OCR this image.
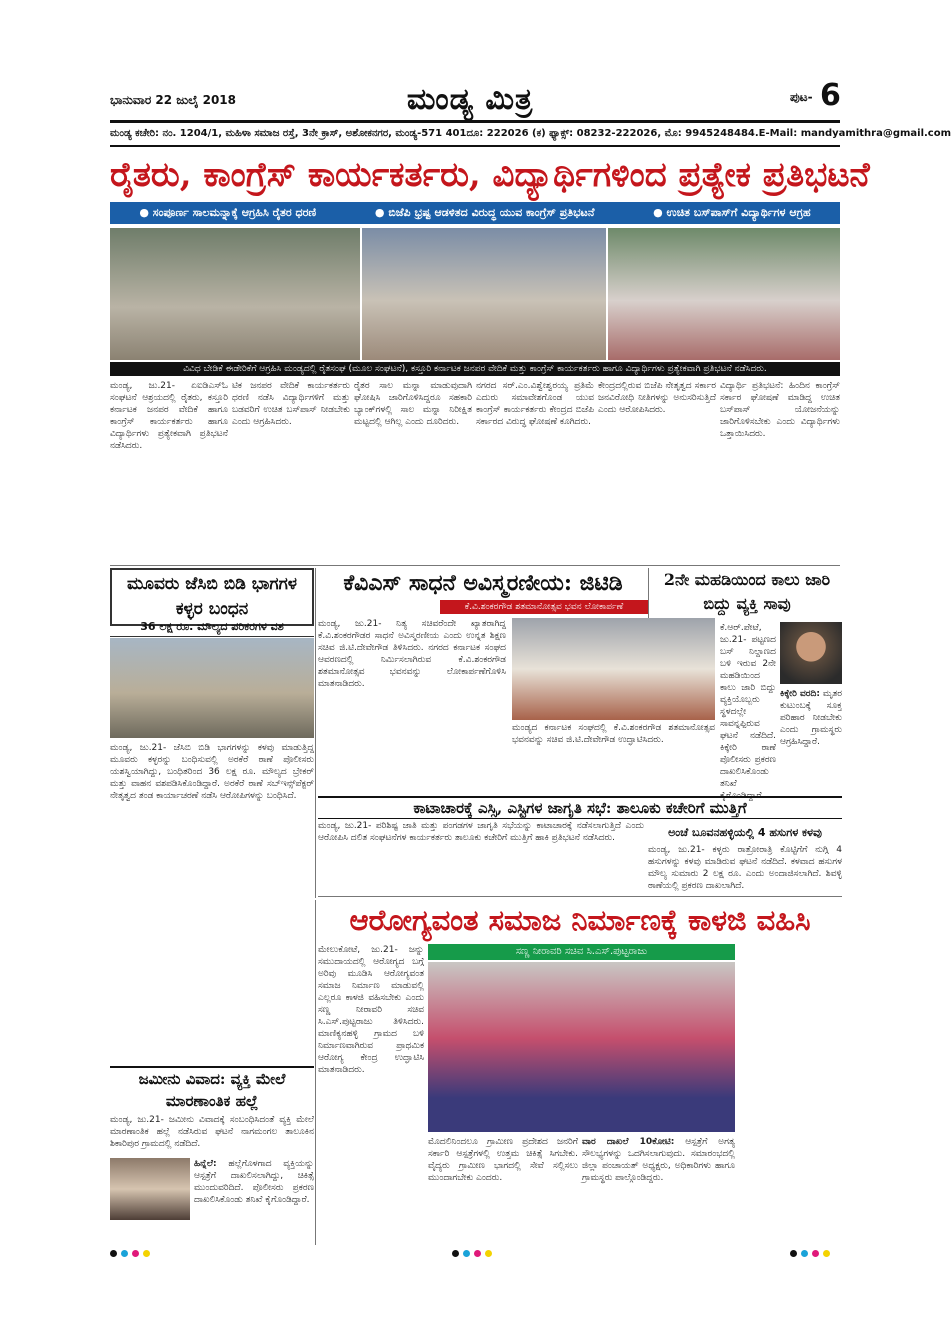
ಭಾನುವಾರ 22 ಜುಲೈ 2018	ಮಂಡ್ಯ ಮಿತ್ರ	ಪುಟ- 6
ಮಂಡ್ಯ ಕಚೇರಿ: ನಂ. 1204/1, ಮಹಿಳಾ ಸಮಾಜ ರಸ್ತೆ, 3ನೇ ಕ್ರಾಸ್, ಅಶೋಕನಗರ, ಮಂಡ್ಯ-571 401 ದೂ: 222026 (ಕ) ಫ್ಯಾಕ್ಸ್: 08232-222026, ಮೊ: 9945248484. E-Mail: mandyamithra@gmail.com
ರೈತರು, ಕಾಂಗ್ರೆಸ್ ಕಾರ್ಯಕರ್ತರು, ವಿದ್ಯಾರ್ಥಿಗಳಿಂದ ಪ್ರತ್ಯೇಕ ಪ್ರತಿಭಟನೆ
● ಸಂಪೂರ್ಣ ಸಾಲಮನ್ನಾಕ್ಕೆ ಆಗ್ರಹಿಸಿ ರೈತರ ಧರಣಿ	● ಬಿಜೆಪಿ ಭ್ರಷ್ಟ ಆಡಳಿತದ ವಿರುದ್ಧ ಯುವ ಕಾಂಗ್ರೆಸ್ ಪ್ರತಿಭಟನೆ	● ಉಚಿತ ಬಸ್‌ಪಾಸ್‌ಗೆ ವಿದ್ಯಾರ್ಥಿಗಳ ಆಗ್ರಹ
ವಿವಿಧ ಬೇಡಿಕೆ ಈಡೇರಿಕೆಗೆ ಆಗ್ರಹಿಸಿ ಮಂಡ್ಯದಲ್ಲಿ ರೈತಸಂಘ (ಮೂಲ ಸಂಘಟನೆ), ಕಸ್ತೂರಿ ಕರ್ನಾಟಕ ಜನಪರ ವೇದಿಕೆ ಮತ್ತು ಕಾಂಗ್ರೆಸ್ ಕಾರ್ಯಕರ್ತರು ಹಾಗೂ ವಿದ್ಯಾರ್ಥಿಗಳು ಪ್ರತ್ಯೇಕವಾಗಿ ಪ್ರತಿಭಟನೆ ನಡೆಸಿದರು.

ಮಂಡ್ಯ, ಜು.21- ಏಐಡಿಎಸ್‌ಓ ಸಂಘಟನೆ ಆಶ್ರಯದಲ್ಲಿ ರೈತರು, ಕಸ್ತೂರಿ ಕರ್ನಾಟಕ ಜನಪರ ವೇದಿಕೆ ಹಾಗೂ ಕಾಂಗ್ರೆಸ್ ಕಾರ್ಯಕರ್ತರು ಹಾಗೂ ವಿದ್ಯಾರ್ಥಿಗಳು ಪ್ರತ್ಯೇಕವಾಗಿ ಪ್ರತಿಭಟನೆ ನಡೆಸಿದರು.

ಟಿಕ ಜನಪರ ವೇದಿಕೆ ಕಾರ್ಯಕರ್ತರು ಧರಣಿ ನಡೆಸಿ ವಿದ್ಯಾರ್ಥಿಗಳಿಗೆ ಮತ್ತು ಬಡವರಿಗೆ ಉಚಿತ ಬಸ್‌ಪಾಸ್ ನೀಡಬೇಕು ಎಂದು ಆಗ್ರಹಿಸಿದರು.

ರೈತರ ಸಾಲ ಮನ್ನಾ ಮಾಡುವುದಾಗಿ ಘೋಷಿಸಿ ಜಾರಿಗೊಳಿಸಿದ್ದರೂ ಸಹಕಾರಿ ಬ್ಯಾಂಕ್‌ಗಳಲ್ಲಿ ಸಾಲ ಮನ್ನಾ ನಿರೀಕ್ಷಿತ ಮಟ್ಟದಲ್ಲಿ ಆಗಿಲ್ಲ ಎಂದು ದೂರಿದರು.

ನಗರದ ಸರ್.ಎಂ.ವಿಶ್ವೇಶ್ವರಯ್ಯ ಪ್ರತಿಮೆ ಎದುರು ಸಮಾವೇಶಗೊಂಡ ಯುವ ಕಾಂಗ್ರೆಸ್ ಕಾರ್ಯಕರ್ತರು ಕೇಂದ್ರದ ಬಿಜೆಪಿ ಸರ್ಕಾರದ ವಿರುದ್ಧ ಘೋಷಣೆ ಕೂಗಿದರು.

ಕೇಂದ್ರದಲ್ಲಿರುವ ಬಿಜೆಪಿ ನೇತೃತ್ವದ ಸರ್ಕಾರ ಜನವಿರೋಧಿ ನೀತಿಗಳನ್ನು ಅನುಸರಿಸುತ್ತಿದೆ ಎಂದು ಆರೋಪಿಸಿದರು.

ವಿದ್ಯಾರ್ಥಿ ಪ್ರತಿಭಟನೆ: ಹಿಂದಿನ ಕಾಂಗ್ರೆಸ್ ಸರ್ಕಾರ ಘೋಷಣೆ ಮಾಡಿದ್ದ ಉಚಿತ ಬಸ್‌ಪಾಸ್ ಯೋಜನೆಯನ್ನು ಜಾರಿಗೊಳಿಸಬೇಕು ಎಂದು ವಿದ್ಯಾರ್ಥಿಗಳು ಒತ್ತಾಯಿಸಿದರು.

ಮೂವರು ಜೆಸಿಬಿ ಬಿಡಿ ಭಾಗಗಳ ಕಳ್ಳರ ಬಂಧನ
36 ಲಕ್ಷ ರೂ. ಮೌಲ್ಯದ ಪರಿಕರಗಳ ವಶ
ಮಂಡ್ಯ, ಜು.21- ಜೆಸಿಬಿ ಬಿಡಿ ಭಾಗಗಳನ್ನು ಕಳವು ಮಾಡುತ್ತಿದ್ದ ಮೂವರು ಕಳ್ಳರನ್ನು ಬಂಧಿಸುವಲ್ಲಿ ಅರಕೆರೆ ಠಾಣೆ ಪೊಲೀಸರು ಯಶಸ್ವಿಯಾಗಿದ್ದು, ಬಂಧಿತರಿಂದ 36 ಲಕ್ಷ ರೂ. ಮೌಲ್ಯದ ಬ್ರೇಕರ್ ಮತ್ತು ವಾಹನ ವಶಪಡಿಸಿಕೊಂಡಿದ್ದಾರೆ. ಅರಕೆರೆ ಠಾಣೆ ಸಬ್‌ಇನ್ಸ್‌ಪೆಕ್ಟರ್ ನೇತೃತ್ವದ ತಂಡ ಕಾರ್ಯಾಚರಣೆ ನಡೆಸಿ ಆರೋಪಿಗಳನ್ನು ಬಂಧಿಸಿದೆ.
ಕೆವಿಎಸ್ ಸಾಧನೆ ಅವಿಸ್ಮರಣೀಯ: ಜಿಟಿಡಿ
ಕೆ.ವಿ.ಶಂಕರಗೌಡ ಶತಮಾನೋತ್ಸವ ಭವನ ಲೋಕಾರ್ಪಣೆ
ಮಂಡ್ಯ, ಜು.21- ನಿತ್ಯ ಸಚಿವರೆಂದೇ ಖ್ಯಾತರಾಗಿದ್ದ ಕೆ.ವಿ.ಶಂಕರಗೌಡರ ಸಾಧನೆ ಅವಿಸ್ಮರಣೀಯ ಎಂದು ಉನ್ನತ ಶಿಕ್ಷಣ ಸಚಿವ ಜಿ.ಟಿ.ದೇವೇಗೌಡ ತಿಳಿಸಿದರು. ನಗರದ ಕರ್ನಾಟಕ ಸಂಘದ ಆವರಣದಲ್ಲಿ ನಿರ್ಮಿಸಲಾಗಿರುವ ಕೆ.ವಿ.ಶಂಕರಗೌಡ ಶತಮಾನೋತ್ಸವ ಭವನವನ್ನು ಲೋಕಾರ್ಪಣೆಗೊಳಿಸಿ ಮಾತನಾಡಿದರು.
ಮಂಡ್ಯದ ಕರ್ನಾಟಕ ಸಂಘದಲ್ಲಿ ಕೆ.ವಿ.ಶಂಕರಗೌಡ ಶತಮಾನೋತ್ಸವ ಭವನವನ್ನು ಸಚಿವ ಜಿ.ಟಿ.ದೇವೇಗೌಡ ಉದ್ಘಾಟಿಸಿದರು.
2ನೇ ಮಹಡಿಯಿಂದ ಕಾಲು ಜಾರಿ ಬಿದ್ದು ವ್ಯಕ್ತಿ ಸಾವು
ಕೆ.ಆರ್.ಪೇಟೆ, ಜು.21- ಪಟ್ಟಣದ ಬಸ್ ನಿಲ್ದಾಣದ ಬಳಿ ಇರುವ 2ನೇ ಮಹಡಿಯಿಂದ ಕಾಲು ಜಾರಿ ಬಿದ್ದು ವ್ಯಕ್ತಿಯೊಬ್ಬರು ಸ್ಥಳದಲ್ಲೇ ಸಾವನ್ನಪ್ಪಿರುವ ಘಟನೆ ನಡೆದಿದೆ. ಕಿಕ್ಕೇರಿ ಠಾಣೆ ಪೊಲೀಸರು ಪ್ರಕರಣ ದಾಖಲಿಸಿಕೊಂಡು ತನಿಖೆ ಕೈಗೊಂಡಿದ್ದಾರೆ.

ಕಿಕ್ಕೇರಿ ವರದಿ: ಮೃತರ ಕುಟುಂಬಕ್ಕೆ ಸೂಕ್ತ ಪರಿಹಾರ ನೀಡಬೇಕು ಎಂದು ಗ್ರಾಮಸ್ಥರು ಆಗ್ರಹಿಸಿದ್ದಾರೆ.

ಕಾಟಾಚಾರಕ್ಕೆ ಎಸ್ಸಿ, ಎಸ್ಟಿಗಳ ಜಾಗೃತಿ ಸಭೆ: ತಾಲೂಕು ಕಚೇರಿಗೆ ಮುತ್ತಿಗೆ
ಮಂಡ್ಯ, ಜು.21- ಪರಿಶಿಷ್ಟ ಜಾತಿ ಮತ್ತು ಪಂಗಡಗಳ ಜಾಗೃತಿ ಸಭೆಯನ್ನು ಕಾಟಾಚಾರಕ್ಕೆ ನಡೆಸಲಾಗುತ್ತಿದೆ ಎಂದು ಆರೋಪಿಸಿ ದಲಿತ ಸಂಘಟನೆಗಳ ಕಾರ್ಯಕರ್ತರು ತಾಲೂಕು ಕಚೇರಿಗೆ ಮುತ್ತಿಗೆ ಹಾಕಿ ಪ್ರತಿಭಟನೆ ನಡೆಸಿದರು.	ಅಂಚೆ ಬೂವನಹಳ್ಳಿಯಲ್ಲಿ 4 ಹಸುಗಳ ಕಳವು
ಮಂಡ್ಯ, ಜು.21- ಕಳ್ಳರು ರಾತ್ರೋರಾತ್ರಿ ಕೊಟ್ಟಿಗೆಗೆ ನುಗ್ಗಿ 4 ಹಸುಗಳನ್ನು ಕಳವು ಮಾಡಿರುವ ಘಟನೆ ನಡೆದಿದೆ. ಕಳವಾದ ಹಸುಗಳ ಮೌಲ್ಯ ಸುಮಾರು 2 ಲಕ್ಷ ರೂ. ಎಂದು ಅಂದಾಜಿಸಲಾಗಿದೆ. ಶಿವಳ್ಳಿ ಠಾಣೆಯಲ್ಲಿ ಪ್ರಕರಣ ದಾಖಲಾಗಿದೆ.
ಆರೋಗ್ಯವಂತ ಸಮಾಜ ನಿರ್ಮಾಣಕ್ಕೆ ಕಾಳಜಿ ವಹಿಸಿ
ಮೇಲುಕೋಟೆ, ಜು.21- ಜನ್ನು ಸಮುದಾಯದಲ್ಲಿ ಆರೋಗ್ಯದ ಬಗ್ಗೆ ಅರಿವು ಮೂಡಿಸಿ ಆರೋಗ್ಯವಂತ ಸಮಾಜ ನಿರ್ಮಾಣ ಮಾಡುವಲ್ಲಿ ಎಲ್ಲರೂ ಕಾಳಜಿ ವಹಿಸಬೇಕು ಎಂದು ಸಣ್ಣ ನೀರಾವರಿ ಸಚಿವ ಸಿ.ಎಸ್.ಪುಟ್ಟರಾಜು ತಿಳಿಸಿದರು. ಮಾಣಿಕ್ಯನಹಳ್ಳಿ ಗ್ರಾಮದ ಬಳಿ ನಿರ್ಮಾಣವಾಗಿರುವ ಪ್ರಾಥಮಿಕ ಆರೋಗ್ಯ ಕೇಂದ್ರ ಉದ್ಘಾಟಿಸಿ ಮಾತನಾಡಿದರು.
ಸಣ್ಣ ನೀರಾವರಿ ಸಚಿವ ಸಿ.ಎಸ್.ಪುಟ್ಟರಾಜು
ಮೊದಲಿನಿಂದಲೂ ಗ್ರಾಮೀಣ ಪ್ರದೇಶದ ಜನರಿಗೆ ಸರ್ಕಾರಿ ಆಸ್ಪತ್ರೆಗಳಲ್ಲಿ ಉತ್ತಮ ಚಿಕಿತ್ಸೆ ಸಿಗಬೇಕು. ವೈದ್ಯರು ಗ್ರಾಮೀಣ ಭಾಗದಲ್ಲಿ ಸೇವೆ ಸಲ್ಲಿಸಲು ಮುಂದಾಗಬೇಕು ಎಂದರು.

ವಾರ ದಾಖಲೆ 10ಕೋಟಿ: ಆಸ್ಪತ್ರೆಗೆ ಅಗತ್ಯ ಸೌಲಭ್ಯಗಳನ್ನು ಒದಗಿಸಲಾಗುವುದು. ಸಮಾರಂಭದಲ್ಲಿ ಜಿಲ್ಲಾ ಪಂಚಾಯತ್ ಅಧ್ಯಕ್ಷರು, ಅಧಿಕಾರಿಗಳು ಹಾಗೂ ಗ್ರಾಮಸ್ಥರು ಪಾಲ್ಗೊಂಡಿದ್ದರು.

ಜಮೀನು ವಿವಾದ: ವ್ಯಕ್ತಿ ಮೇಲೆ ಮಾರಣಾಂತಿಕ ಹಲ್ಲೆ
ಮಂಡ್ಯ, ಜು.21- ಜಮೀನು ವಿವಾದಕ್ಕೆ ಸಂಬಂಧಿಸಿದಂತೆ ವ್ಯಕ್ತಿ ಮೇಲೆ ಮಾರಣಾಂತಿಕ ಹಲ್ಲೆ ನಡೆಸಿರುವ ಘಟನೆ ನಾಗಮಂಗಲ ತಾಲೂಕಿನ ಶಿಕಾರಿಪುರ ಗ್ರಾಮದಲ್ಲಿ ನಡೆದಿದೆ.

ಹಿನ್ನೆಲೆ: ಹಲ್ಲೆಗೊಳಗಾದ ವ್ಯಕ್ತಿಯನ್ನು ಆಸ್ಪತ್ರೆಗೆ ದಾಖಲಿಸಲಾಗಿದ್ದು, ಚಿಕಿತ್ಸೆ ಮುಂದುವರಿದಿದೆ. ಪೊಲೀಸರು ಪ್ರಕರಣ ದಾಖಲಿಸಿಕೊಂಡು ತನಿಖೆ ಕೈಗೊಂಡಿದ್ದಾರೆ.
